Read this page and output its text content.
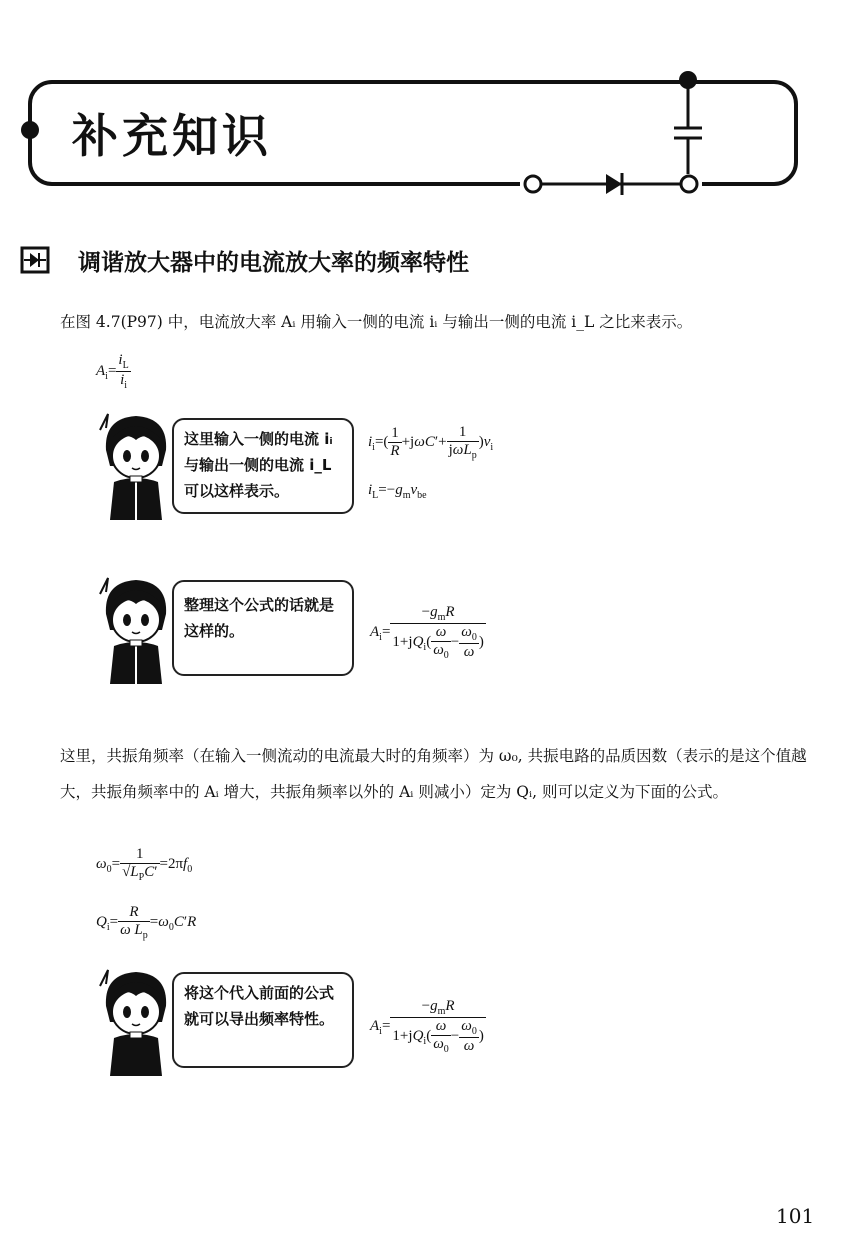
补充知识
调谐放大器中的电流放大率的频率特性
在图 4.7(P97) 中，电流放大率 Aᵢ 用输入一侧的电流 iᵢ 与输出一侧的电流 i_L 之比来表示。
$A_i= \frac{i_L}{i_i}$
这里输入一侧的电流 iᵢ 与输出一侧的电流 i_L 可以这样表示。
$i_i=( \frac{1}{R} +j\omega C'+ \frac{1}{j\omega L_p} )v_i$
$i_L=-g_mv_{be}$
整理这个公式的话就是这样的。	$A_i= \frac{-g_mR}{1+jQ_i( \frac{\omega}{\omega_0} - \frac{\omega_0}{\omega} )}$
这里，共振角频率（在输入一侧流动的电流最大时的角频率）为 ω₀, 共振电路的品质因数（表示的是这个值越大，共振角频率中的 Aᵢ 增大，共振角频率以外的 Aᵢ 则减小）定为 Qᵢ, 则可以定义为下面的公式。
$\omega_0= \frac{1}{√L_PC'} =2\pi f_0$
$Q_i= \frac{R}{\omega L_p} =\omega_0C'R$
将这个代入前面的公式就可以导出频率特性。	$A_i= \frac{-g_mR}{1+jQ_i( \frac{\omega}{\omega_0} - \frac{\omega_0}{\omega} )}$
101
